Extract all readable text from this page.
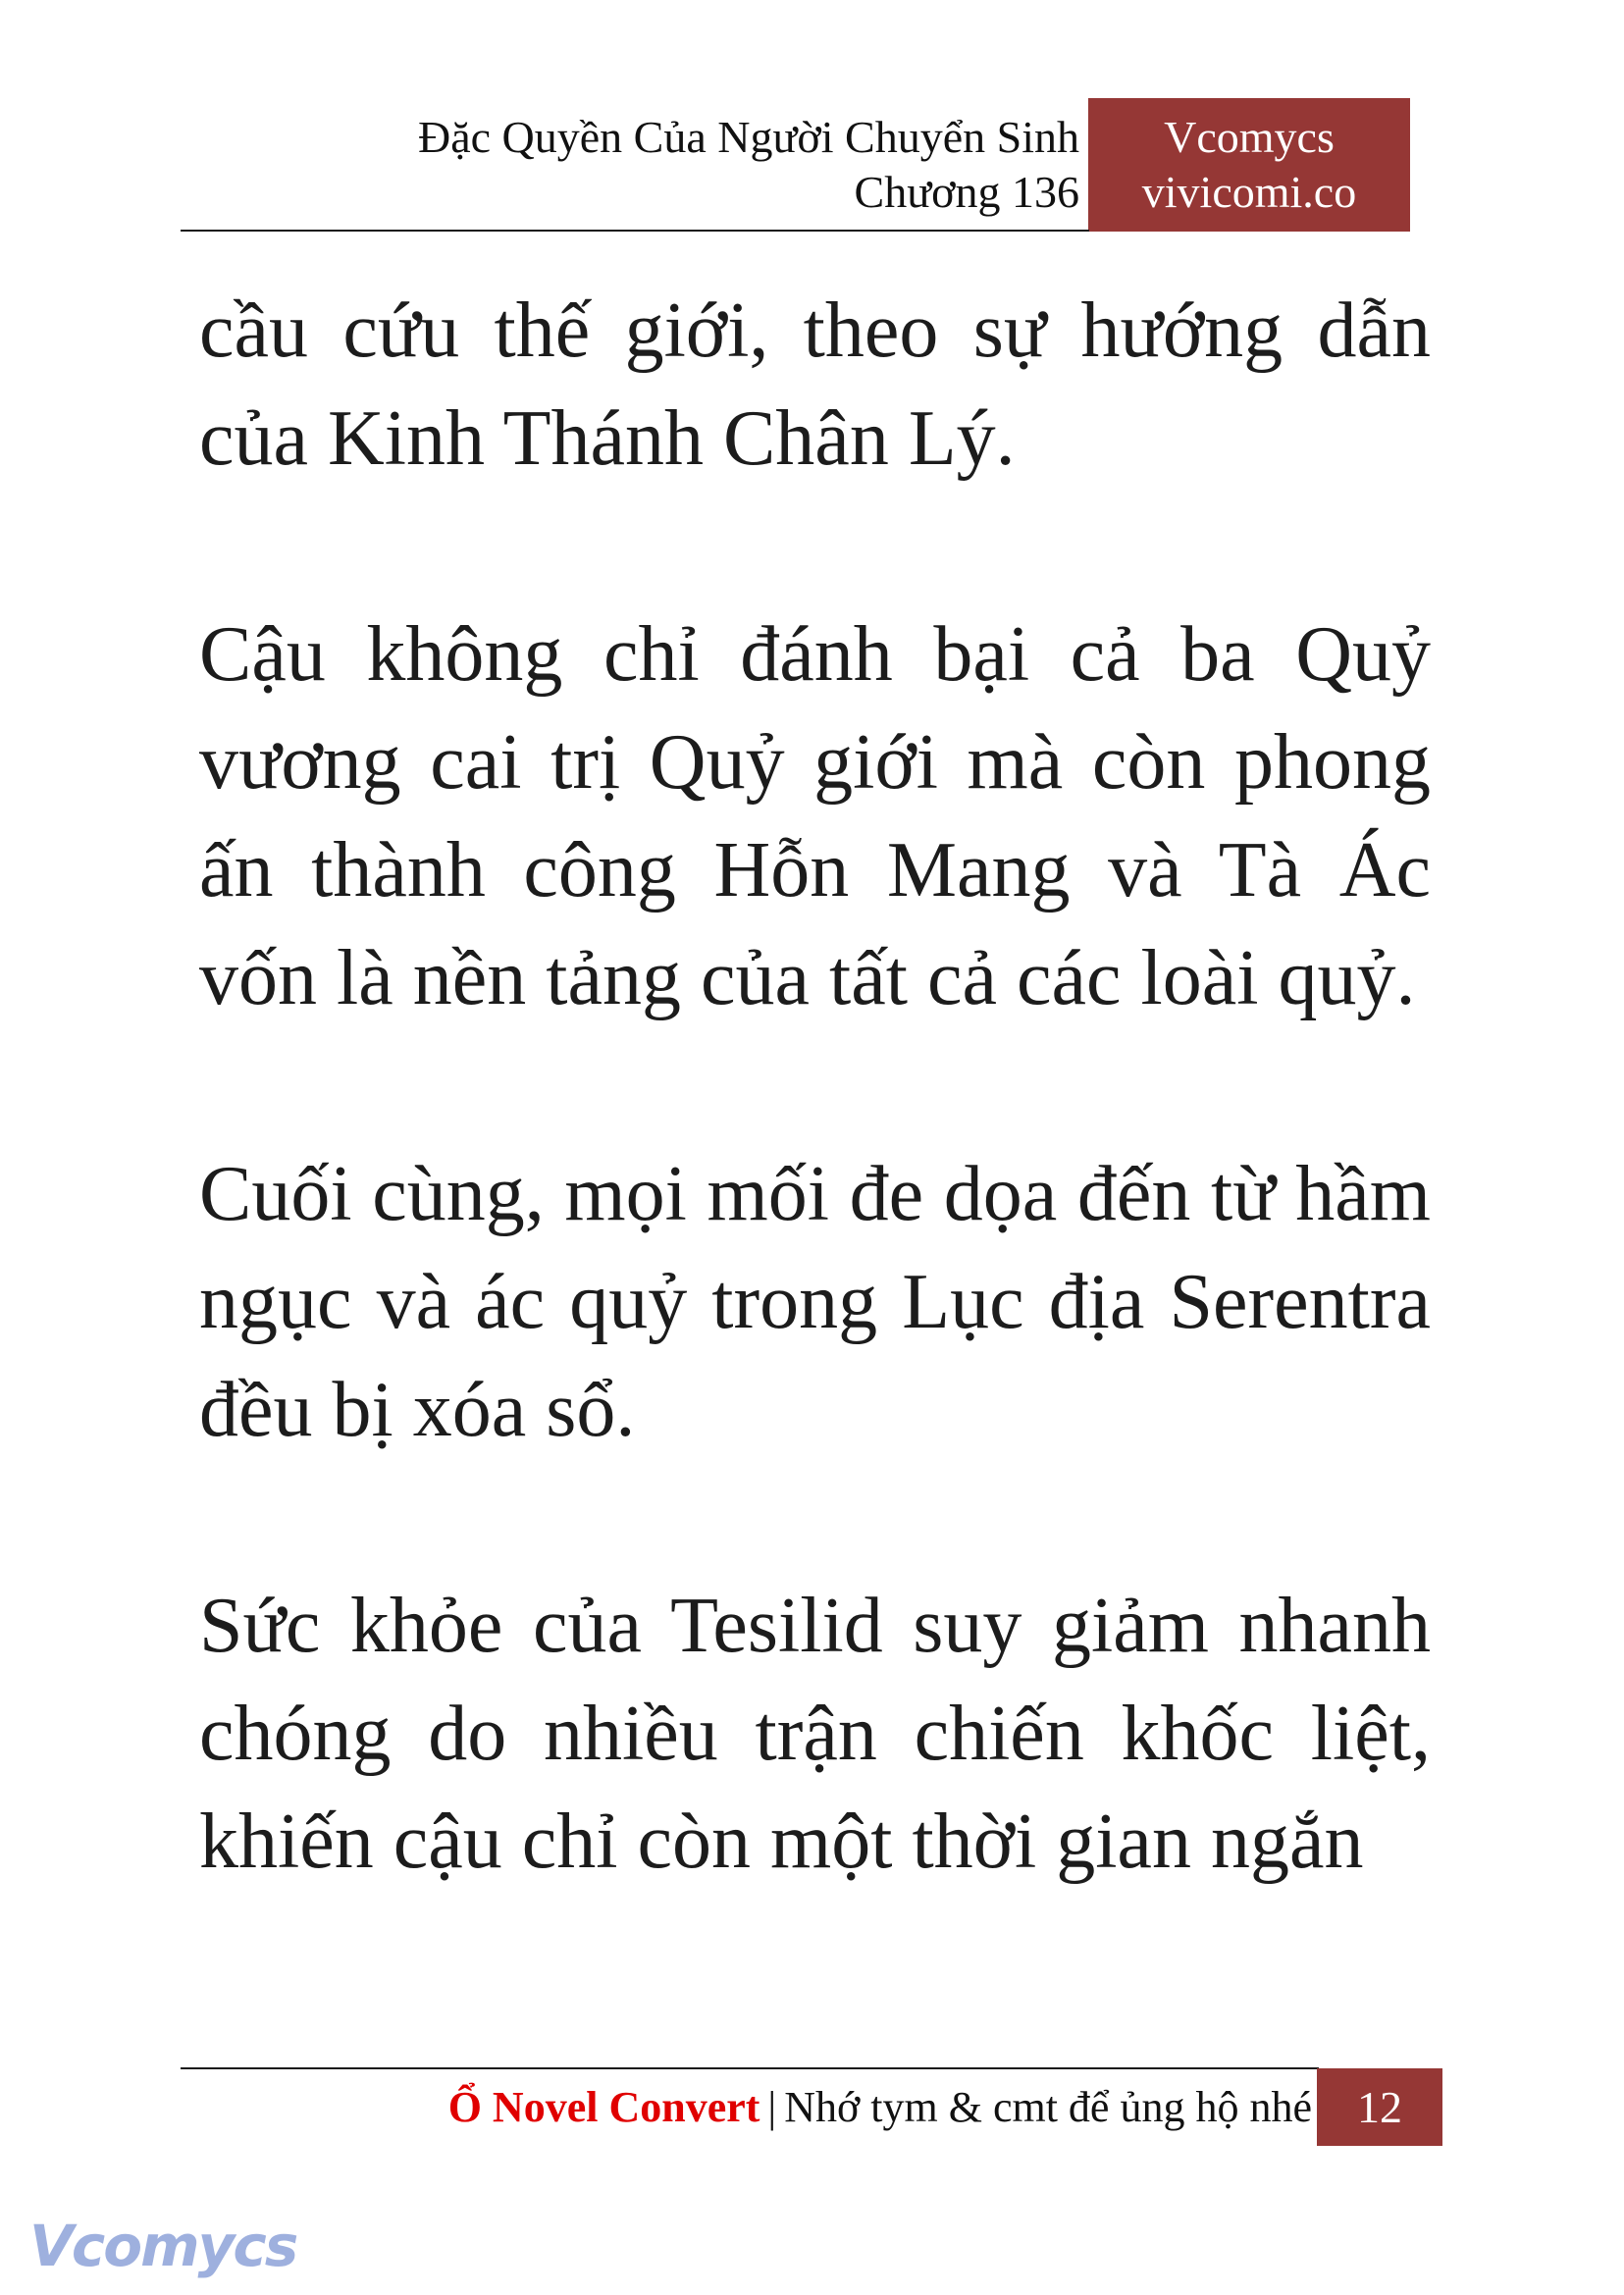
Đặc Quyền Của Người Chuyển Sinh
Chương 136
Vcomycs
vivicomi.co

cầu cứu thế giới, theo sự hướng dẫn của Kinh Thánh Chân Lý.

Cậu không chỉ đánh bại cả ba Quỷ vương cai trị Quỷ giới mà còn phong ấn thành công Hỗn Mang và Tà Ác vốn là nền tảng của tất cả các loài quỷ.

Cuối cùng, mọi mối đe dọa đến từ hầm ngục và ác quỷ trong Lục địa Serentra đều bị xóa sổ.

Sức khỏe của Tesilid suy giảm nhanh chóng do nhiều trận chiến khốc liệt, khiến cậu chỉ còn một thời gian ngắn

Ổ Novel Convert | Nhớ tym & cmt để ủng hộ nhé	12
Vcomycs
